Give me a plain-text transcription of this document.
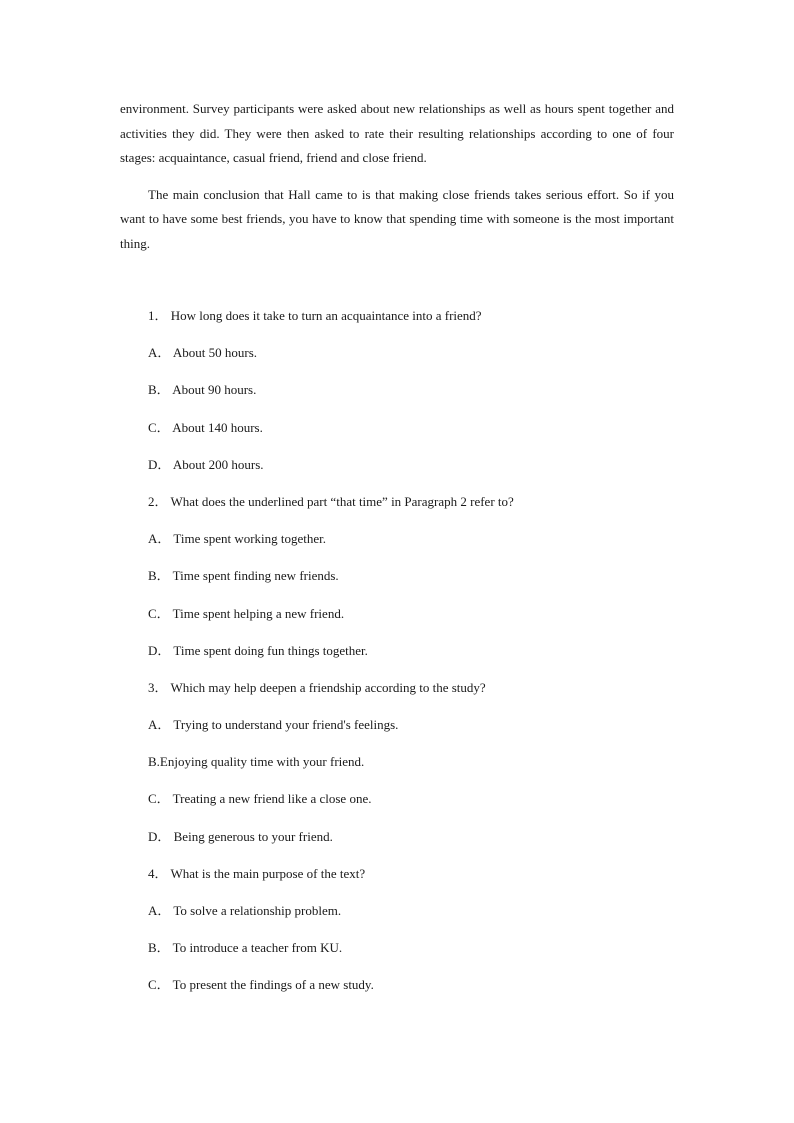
environment. Survey participants were asked about new relationships as well as hours spent together and activities they did. They were then asked to rate their resulting relationships according to one of four stages: acquaintance, casual friend, friend and close friend.

The main conclusion that Hall came to is that making close friends takes serious effort. So if you want to have some best friends, you have to know that spending time with someone is the most important thing.

1． How long does it take to turn an acquaintance into a friend?
A． About 50 hours.
B． About 90 hours.
C． About 140 hours.
D． About 200 hours.
2． What does the underlined part “that time” in Paragraph 2 refer to?
A． Time spent working together.
B． Time spent finding new friends.
C． Time spent helping a new friend.
D． Time spent doing fun things together.
3． Which may help deepen a friendship according to the study?
A． Trying to understand your friend's feelings.
B.Enjoying quality time with your friend.
C． Treating a new friend like a close one.
D． Being generous to your friend.
4． What is the main purpose of the text?
A． To solve a relationship problem.
B． To introduce a teacher from KU.
C． To present the findings of a new study.
